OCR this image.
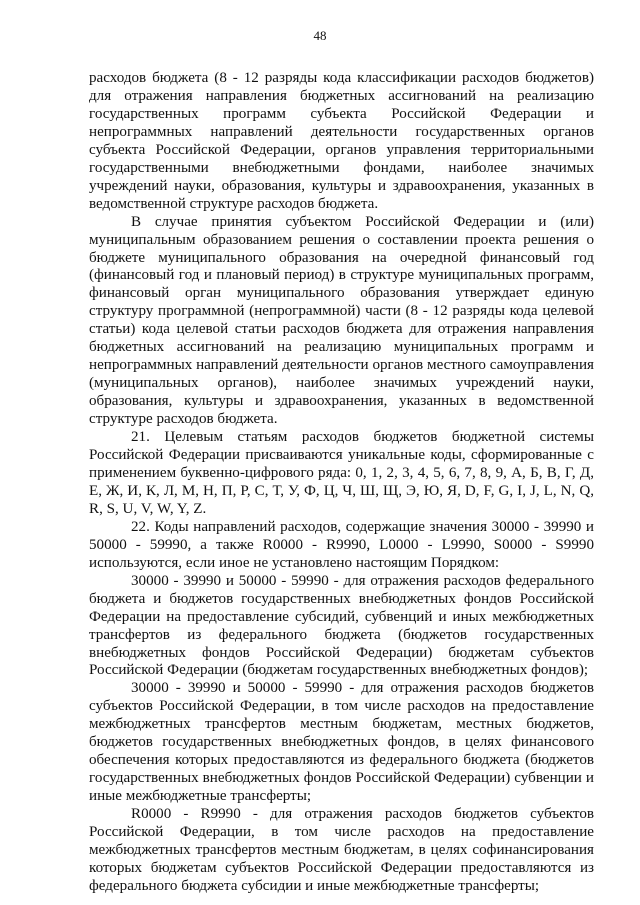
48

расходов бюджета (8 - 12 разряды кода классификации расходов бюджетов) для отражения направления бюджетных ассигнований на реализацию государственных программ субъекта Российской Федерации и непрограммных направлений деятельности государственных органов субъекта Российской Федерации, органов управления территориальными государственными внебюджетными фондами, наиболее значимых учреждений науки, образования, культуры и здравоохранения, указанных в ведомственной структуре расходов бюджета.

В случае принятия субъектом Российской Федерации и (или) муниципальным образованием решения о составлении проекта решения о бюджете муниципального образования на очередной финансовый год (финансовый год и плановый период) в структуре муниципальных программ, финансовый орган муниципального образования утверждает единую структуру программной (непрограммной) части (8 - 12 разряды кода целевой статьи) кода целевой статьи расходов бюджета для отражения направления бюджетных ассигнований на реализацию муниципальных программ и непрограммных направлений деятельности органов местного самоуправления (муниципальных органов), наиболее значимых учреждений науки, образования, культуры и здравоохранения, указанных в ведомственной структуре расходов бюджета.

21. Целевым статьям расходов бюджетов бюджетной системы Российской Федерации присваиваются уникальные коды, сформированные с применением буквенно-цифрового ряда: 0, 1, 2, 3, 4, 5, 6, 7, 8, 9, А, Б, В, Г, Д, Е, Ж, И, К, Л, М, Н, П, Р, С, Т, У, Ф, Ц, Ч, Ш, Щ, Э, Ю, Я, D, F, G, I, J, L, N, Q, R, S, U, V, W, Y, Z.

22. Коды направлений расходов, содержащие значения 30000 - 39990 и 50000 - 59990, а также R0000 - R9990, L0000 - L9990, S0000 - S9990 используются, если иное не установлено настоящим Порядком:

30000 - 39990 и 50000 - 59990 - для отражения расходов федерального бюджета и бюджетов государственных внебюджетных фондов Российской Федерации на предоставление субсидий, субвенций и иных межбюджетных трансфертов из федерального бюджета (бюджетов государственных внебюджетных фондов Российской Федерации) бюджетам субъектов Российской Федерации (бюджетам государственных внебюджетных фондов);

30000 - 39990 и 50000 - 59990 - для отражения расходов бюджетов субъектов Российской Федерации, в том числе расходов на предоставление межбюджетных трансфертов местным бюджетам, местных бюджетов, бюджетов государственных внебюджетных фондов, в целях финансового обеспечения которых предоставляются из федерального бюджета (бюджетов государственных внебюджетных фондов Российской Федерации) субвенции и иные межбюджетные трансферты;

R0000 - R9990 - для отражения расходов бюджетов субъектов Российской Федерации, в том числе расходов на предоставление межбюджетных трансфертов местным бюджетам, в целях софинансирования которых бюджетам субъектов Российской Федерации предоставляются из федерального бюджета субсидии и иные межбюджетные трансферты;
